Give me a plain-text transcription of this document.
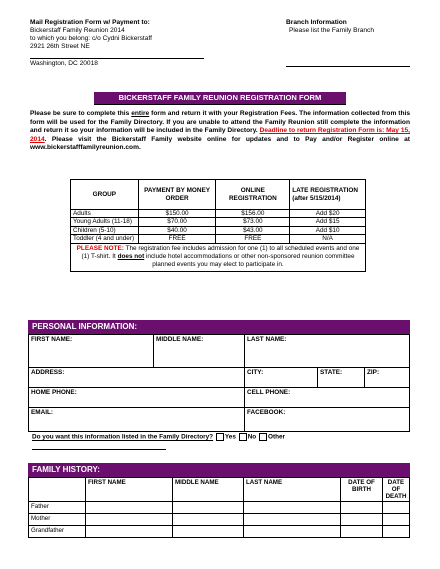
Mail Registration Form w/ Payment to:
Bickerstaff Family Reunion 2014
to which you belong: c/o Cydni Bickerstaff
2921 26th Street NE
Washington, DC 20018
Branch Information
Please list the Family Branch
BICKERSTAFF FAMILY REUNION REGISTRATION FORM
Please be sure to complete this entire form and return it with your Registration Fees. The information collected from this form will be used for the Family Directory. If you are unable to attend the Family Reunion still complete the information and return it so your information will be included in the Family Directory. Deadline to return Registration Form is: May 15, 2014. Please visit the Bickerstaff Family website online for updates and to Pay and/or Register online at www.bickerstafffamilyreunion.com.
GROUP	PAYMENT BY MONEY ORDER	ONLINE REGISTRATION	LATE REGISTRATION (after 5/15/2014)
Adults	$150.00	$156.00	Add $20
Young Adults (11-18)	$70.00	$73.00	Add $15
Children (5-10)	$40.00	$43.00	Add $10
Toddler (4 and under)	FREE	FREE	N/A
PLEASE NOTE: The registration fee includes admission for one (1) to all scheduled events and one (1) T-shirt. It does not include hotel accommodations or other non-sponsored reunion committee planned events you may elect to participate in.			
PERSONAL INFORMATION:
FIRST NAME:	MIDDLE NAME:	LAST NAME:		
ADDRESS:		CITY:	STATE:	ZIP:
HOME PHONE:		CELL PHONE:		
EMAIL:		FACEBOOK:		
Do you want this information listed in the Family Directory? Yes No Other
FAMILY HISTORY:
	FIRST NAME	MIDDLE NAME	LAST NAME	DATE OF BIRTH	DATE OF DEATH
Father					
Mother					
Grandfather					
